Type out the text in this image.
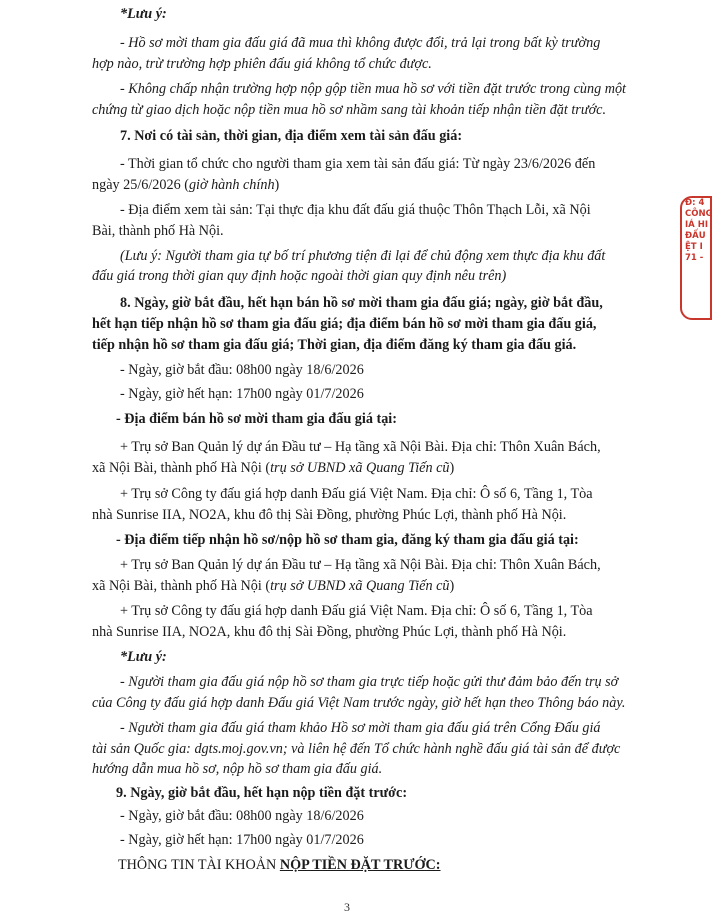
*Lưu ý:
- Hồ sơ mời tham gia đấu giá đã mua thì không được đổi, trả lại trong bất kỳ trường
hợp nào, trừ trường hợp phiên đấu giá không tổ chức được.
- Không chấp nhận trường hợp nộp gộp tiền mua hồ sơ với tiền đặt trước trong cùng một
chứng từ giao dịch hoặc nộp tiền mua hồ sơ nhầm sang tài khoản tiếp nhận tiền đặt trước.
7. Nơi có tài sản, thời gian, địa điểm xem tài sản đấu giá:
- Thời gian tổ chức cho người tham gia xem tài sản đấu giá: Từ ngày 23/6/2026 đến
ngày 25/6/2026 (giờ hành chính)
- Địa điểm xem tài sản: Tại thực địa khu đất đấu giá thuộc Thôn Thạch Lỗi, xã Nội
Bài, thành phố Hà Nội.
(Lưu ý: Người tham gia tự bố trí phương tiện đi lại để chủ động xem thực địa khu đất
đấu giá trong thời gian quy định hoặc ngoài thời gian quy định nêu trên)
8. Ngày, giờ bắt đầu, hết hạn bán hồ sơ mời tham gia đấu giá; ngày, giờ bắt đầu,
hết hạn tiếp nhận hồ sơ tham gia đấu giá; địa điểm bán hồ sơ mời tham gia đấu giá,
tiếp nhận hồ sơ tham gia đấu giá; Thời gian, địa điểm đăng ký tham gia đấu giá.
- Ngày, giờ bắt đầu: 08h00 ngày 18/6/2026
- Ngày, giờ hết hạn: 17h00 ngày 01/7/2026
- Địa điểm bán hồ sơ mời tham gia đấu giá tại:
+ Trụ sở Ban Quản lý dự án Đầu tư – Hạ tầng xã Nội Bài. Địa chỉ: Thôn Xuân Bách,
xã Nội Bài, thành phố Hà Nội (trụ sở UBND xã Quang Tiến cũ)
+ Trụ sở Công ty đấu giá hợp danh Đấu giá Việt Nam. Địa chỉ: Ô số 6, Tầng 1, Tòa
nhà Sunrise IIA, NO2A, khu đô thị Sài Đồng, phường Phúc Lợi, thành phố Hà Nội.
- Địa điểm tiếp nhận hồ sơ/nộp hồ sơ tham gia, đăng ký tham gia đấu giá tại:
+ Trụ sở Ban Quản lý dự án Đầu tư – Hạ tầng xã Nội Bài. Địa chỉ: Thôn Xuân Bách,
xã Nội Bài, thành phố Hà Nội (trụ sở UBND xã Quang Tiến cũ)
+ Trụ sở Công ty đấu giá hợp danh Đấu giá Việt Nam. Địa chỉ: Ô số 6, Tầng 1, Tòa
nhà Sunrise IIA, NO2A, khu đô thị Sài Đồng, phường Phúc Lợi, thành phố Hà Nội.
*Lưu ý:
- Người tham gia đấu giá nộp hồ sơ tham gia trực tiếp hoặc gửi thư đảm bảo đến trụ sở
của Công ty đấu giá hợp danh Đấu giá Việt Nam trước ngày, giờ hết hạn theo Thông báo này.
- Người tham gia đấu giá tham khảo Hồ sơ mời tham gia đấu giá trên Cổng Đấu giá
tài sản Quốc gia: dgts.moj.gov.vn; và liên hệ đến Tổ chức hành nghề đấu giá tài sản để được
hướng dẫn mua hồ sơ, nộp hồ sơ tham gia đấu giá.
9. Ngày, giờ bắt đầu, hết hạn nộp tiền đặt trước:
- Ngày, giờ bắt đầu: 08h00 ngày 18/6/2026
- Ngày, giờ hết hạn: 17h00 ngày 01/7/2026
THÔNG TIN TÀI KHOẢN NỘP TIỀN ĐẶT TRƯỚC:
Đ: 4
CÔNG
IÁ HI
ĐẤU
ỆT I
71 -
3
